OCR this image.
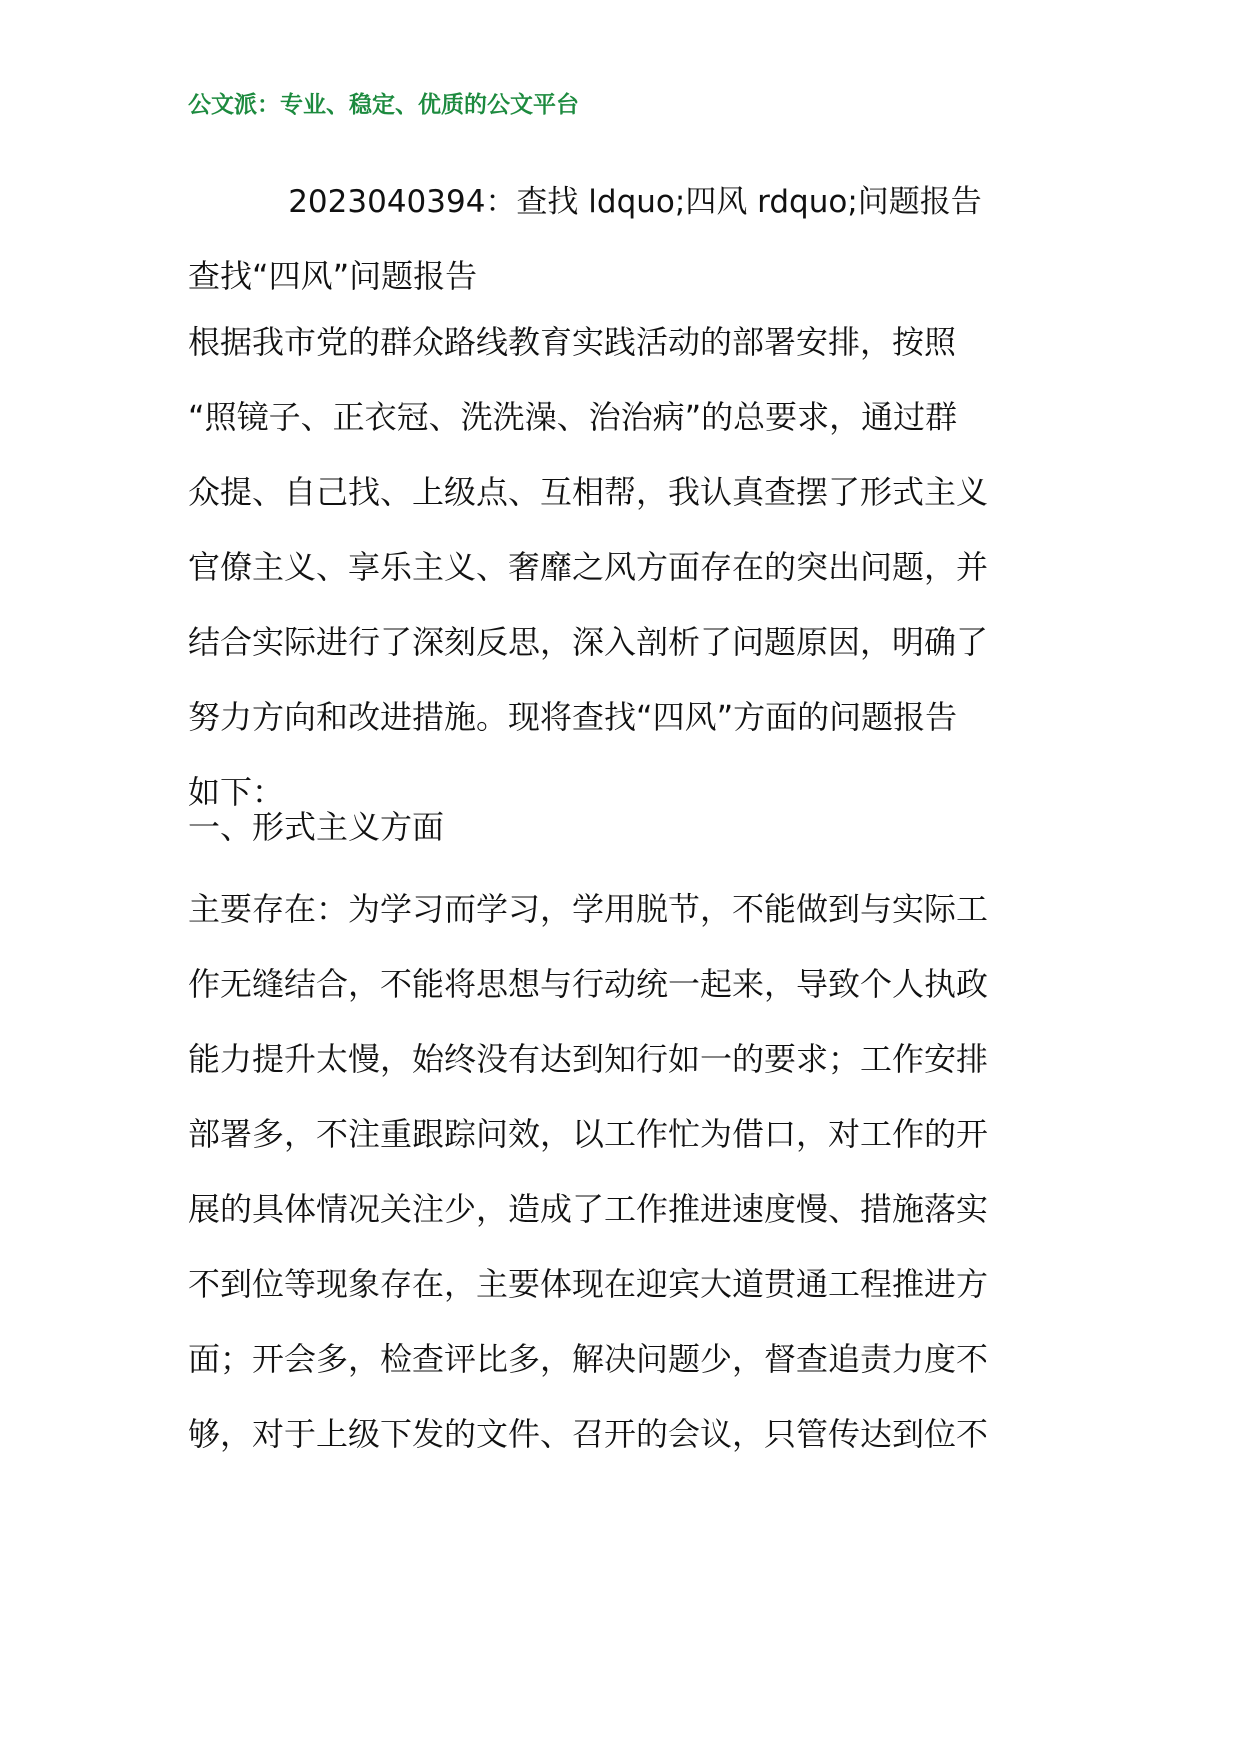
公文派：专业、稳定、优质的公文平台
2023040394：查找 ldquo;四风 rdquo;问题报告
查找“四风”问题报告
根据我市党的群众路线教育实践活动的部署安排，按照
“照镜子、正衣冠、洗洗澡、治治病”的总要求，通过群
众提、自己找、上级点、互相帮，我认真查摆了形式主义
官僚主义、享乐主义、奢靡之风方面存在的突出问题，并
结合实际进行了深刻反思，深入剖析了问题原因，明确了
努力方向和改进措施。现将查找“四风”方面的问题报告
如下：
一、形式主义方面
主要存在：为学习而学习，学用脱节，不能做到与实际工
作无缝结合，不能将思想与行动统一起来，导致个人执政
能力提升太慢，始终没有达到知行如一的要求；工作安排
部署多，不注重跟踪问效，以工作忙为借口，对工作的开
展的具体情况关注少，造成了工作推进速度慢、措施落实
不到位等现象存在，主要体现在迎宾大道贯通工程推进方
面；开会多，检查评比多，解决问题少，督查追责力度不
够，对于上级下发的文件、召开的会议，只管传达到位不
